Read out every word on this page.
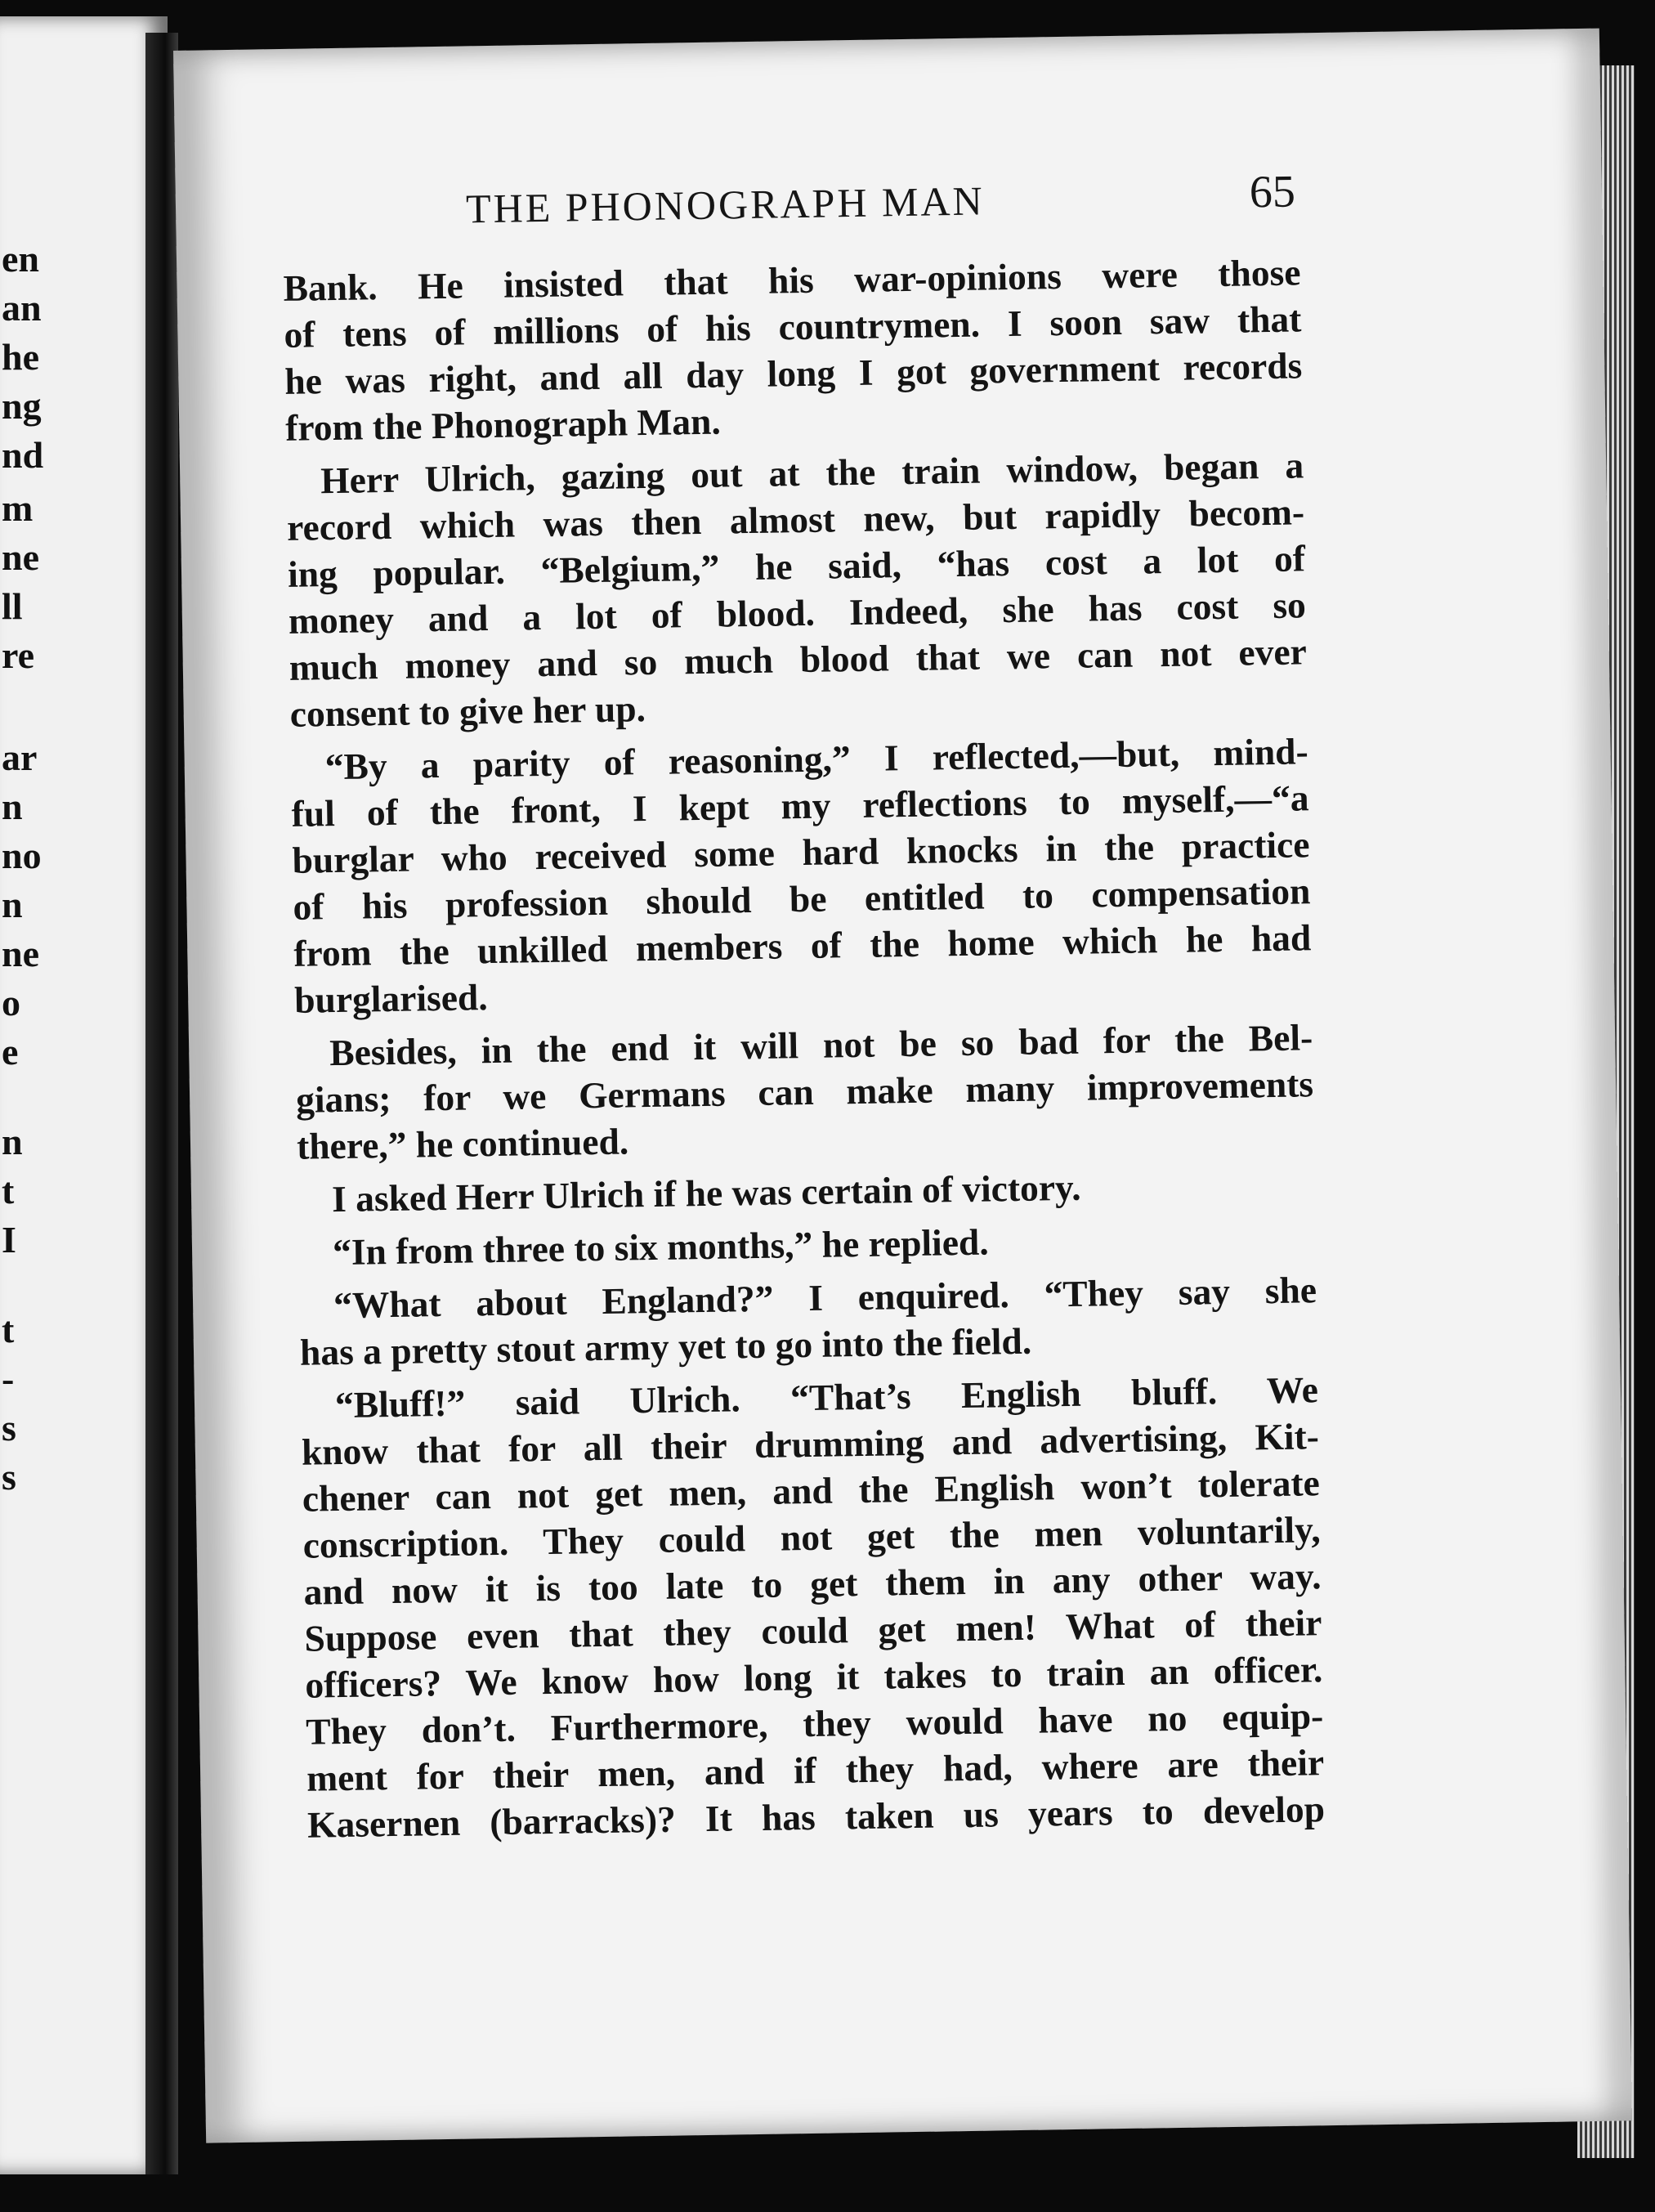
en
an
he
ng
nd
m
ne
ll
re
ar
n
no
n
ne
o
e
n
t
I
t
-
s
s
THE PHONOGRAPH MAN	65
Bank. He insisted that his war-opinions were those
of tens of millions of his countrymen. I soon saw that
he was right, and all day long I got government records
from the Phonograph Man.
Herr Ulrich, gazing out at the train window, began a
record which was then almost new, but rapidly becom-
ing popular. “Belgium,” he said, “has cost a lot of
money and a lot of blood. Indeed, she has cost so
much money and so much blood that we can not ever
consent to give her up.
“By a parity of reasoning,” I reflected,—but, mind-
ful of the front, I kept my reflections to myself,—“a
burglar who received some hard knocks in the practice
of his profession should be entitled to compensation
from the unkilled members of the home which he had
burglarised.
Besides, in the end it will not be so bad for the Bel-
gians; for we Germans can make many improvements
there,” he continued.
I asked Herr Ulrich if he was certain of victory.
“In from three to six months,” he replied.
“What about England?” I enquired. “They say she
has a pretty stout army yet to go into the field.
“Bluff!” said Ulrich. “That’s English bluff. We
know that for all their drumming and advertising, Kit-
chener can not get men, and the English won’t tolerate
conscription. They could not get the men voluntarily,
and now it is too late to get them in any other way.
Suppose even that they could get men! What of their
officers? We know how long it takes to train an officer.
They don’t. Furthermore, they would have no equip-
ment for their men, and if they had, where are their
Kasernen (barracks)? It has taken us years to develop
